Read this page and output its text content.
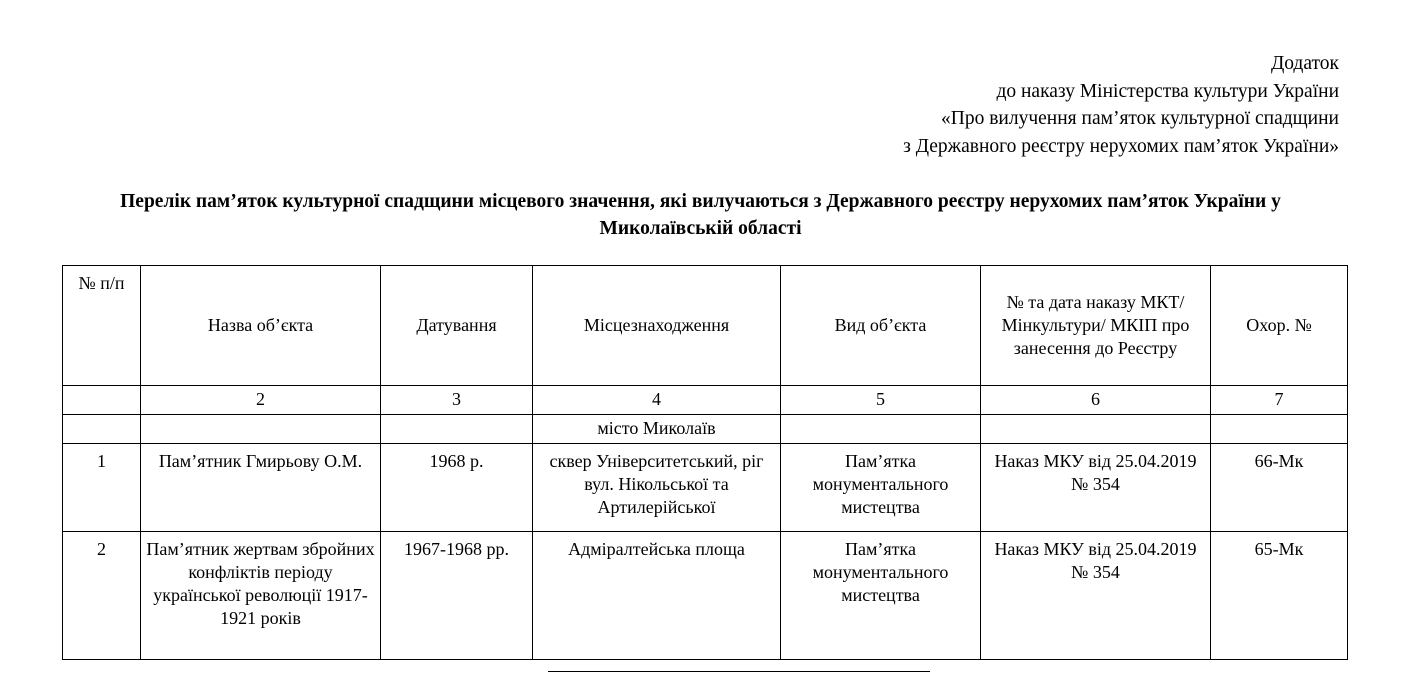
Додаток
до наказу Міністерства культури України
«Про вилучення пам’яток культурної спадщини
з Державного реєстру нерухомих пам’яток України»
Перелік пам’яток культурної спадщини місцевого значення, які вилучаються з Державного реєстру нерухомих пам’яток України у Миколаївській області
№ п/п	Назва об’єкта	Датування	Місцезнаходження	Вид об’єкта	№ та дата наказу МКТ/Мінкультури/ МКІП про занесення до Реєстру	Охор. №
	2	3	4	5	6	7
			місто Миколаїв			
1	Пам’ятник Гмирьову О.М.	1968 р.	сквер Університетський, ріг вул. Нікольської та Артилерійської	Пам’ятка монументального мистецтва	Наказ МКУ від 25.04.2019 № 354	66-Мк
2	Пам’ятник жертвам збройних конфліктів періоду української революції 1917-1921 років	1967-1968 рр.	Адміралтейська площа	Пам’ятка монументального мистецтва	Наказ МКУ від 25.04.2019 № 354	65-Мк
